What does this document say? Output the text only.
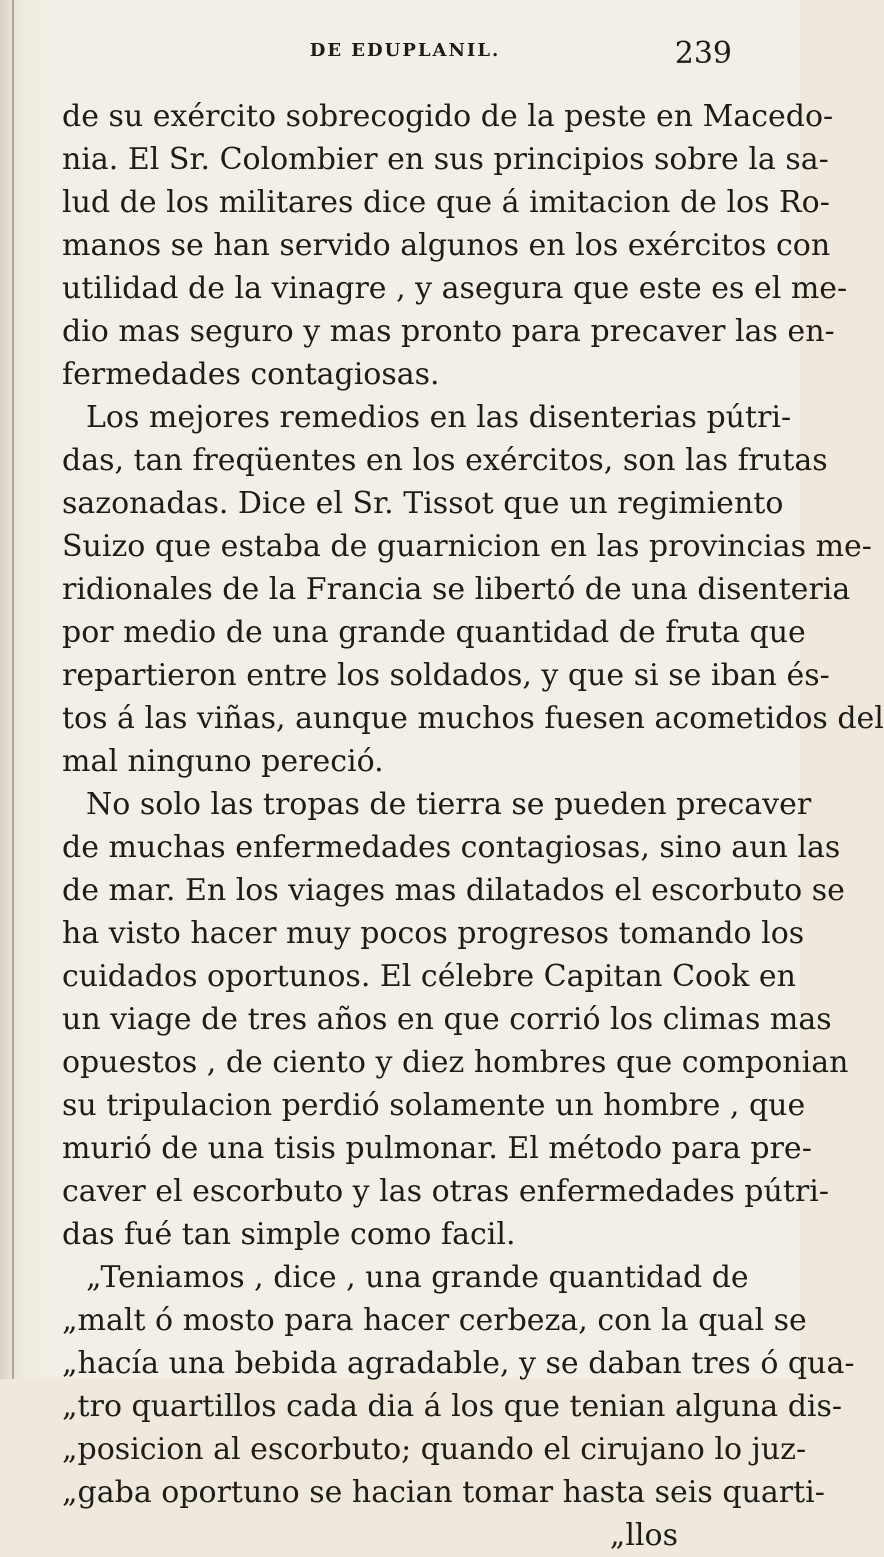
DE EDUPLANIL.	239
de su exército sobrecogido de la peste en Macedo-
nia. El Sr. Colombier en sus principios sobre la sa-
lud de los militares dice que á imitacion de los Ro-
manos se han servido algunos en los exércitos con
utilidad de la vinagre , y asegura que este es el me-
dio mas seguro y mas pronto para precaver las en-
fermedades contagiosas.
Los mejores remedios en las disenterias pútri-
das, tan freqüentes en los exércitos, son las frutas
sazonadas. Dice el Sr. Tissot que un regimiento
Suizo que estaba de guarnicion en las provincias me-
ridionales de la Francia se libertó de una disenteria
por medio de una grande quantidad de fruta que
repartieron entre los soldados, y que si se iban és-
tos á las viñas, aunque muchos fuesen acometidos del
mal ninguno pereció.
No solo las tropas de tierra se pueden precaver
de muchas enfermedades contagiosas, sino aun las
de mar. En los viages mas dilatados el escorbuto se
ha visto hacer muy pocos progresos tomando los
cuidados oportunos. El célebre Capitan Cook en
un viage de tres años en que corrió los climas mas
opuestos , de ciento y diez hombres que componian
su tripulacion perdió solamente un hombre , que
murió de una tisis pulmonar. El método para pre-
caver el escorbuto y las otras enfermedades pútri-
das fué tan simple como facil.
„Teniamos , dice , una grande quantidad de
„malt ó mosto para hacer cerbeza, con la qual se
„hacía una bebida agradable, y se daban tres ó qua-
„tro quartillos cada dia á los que tenian alguna dis-
„posicion al escorbuto; quando el cirujano lo juz-
„gaba oportuno se hacian tomar hasta seis quarti-
„llos
